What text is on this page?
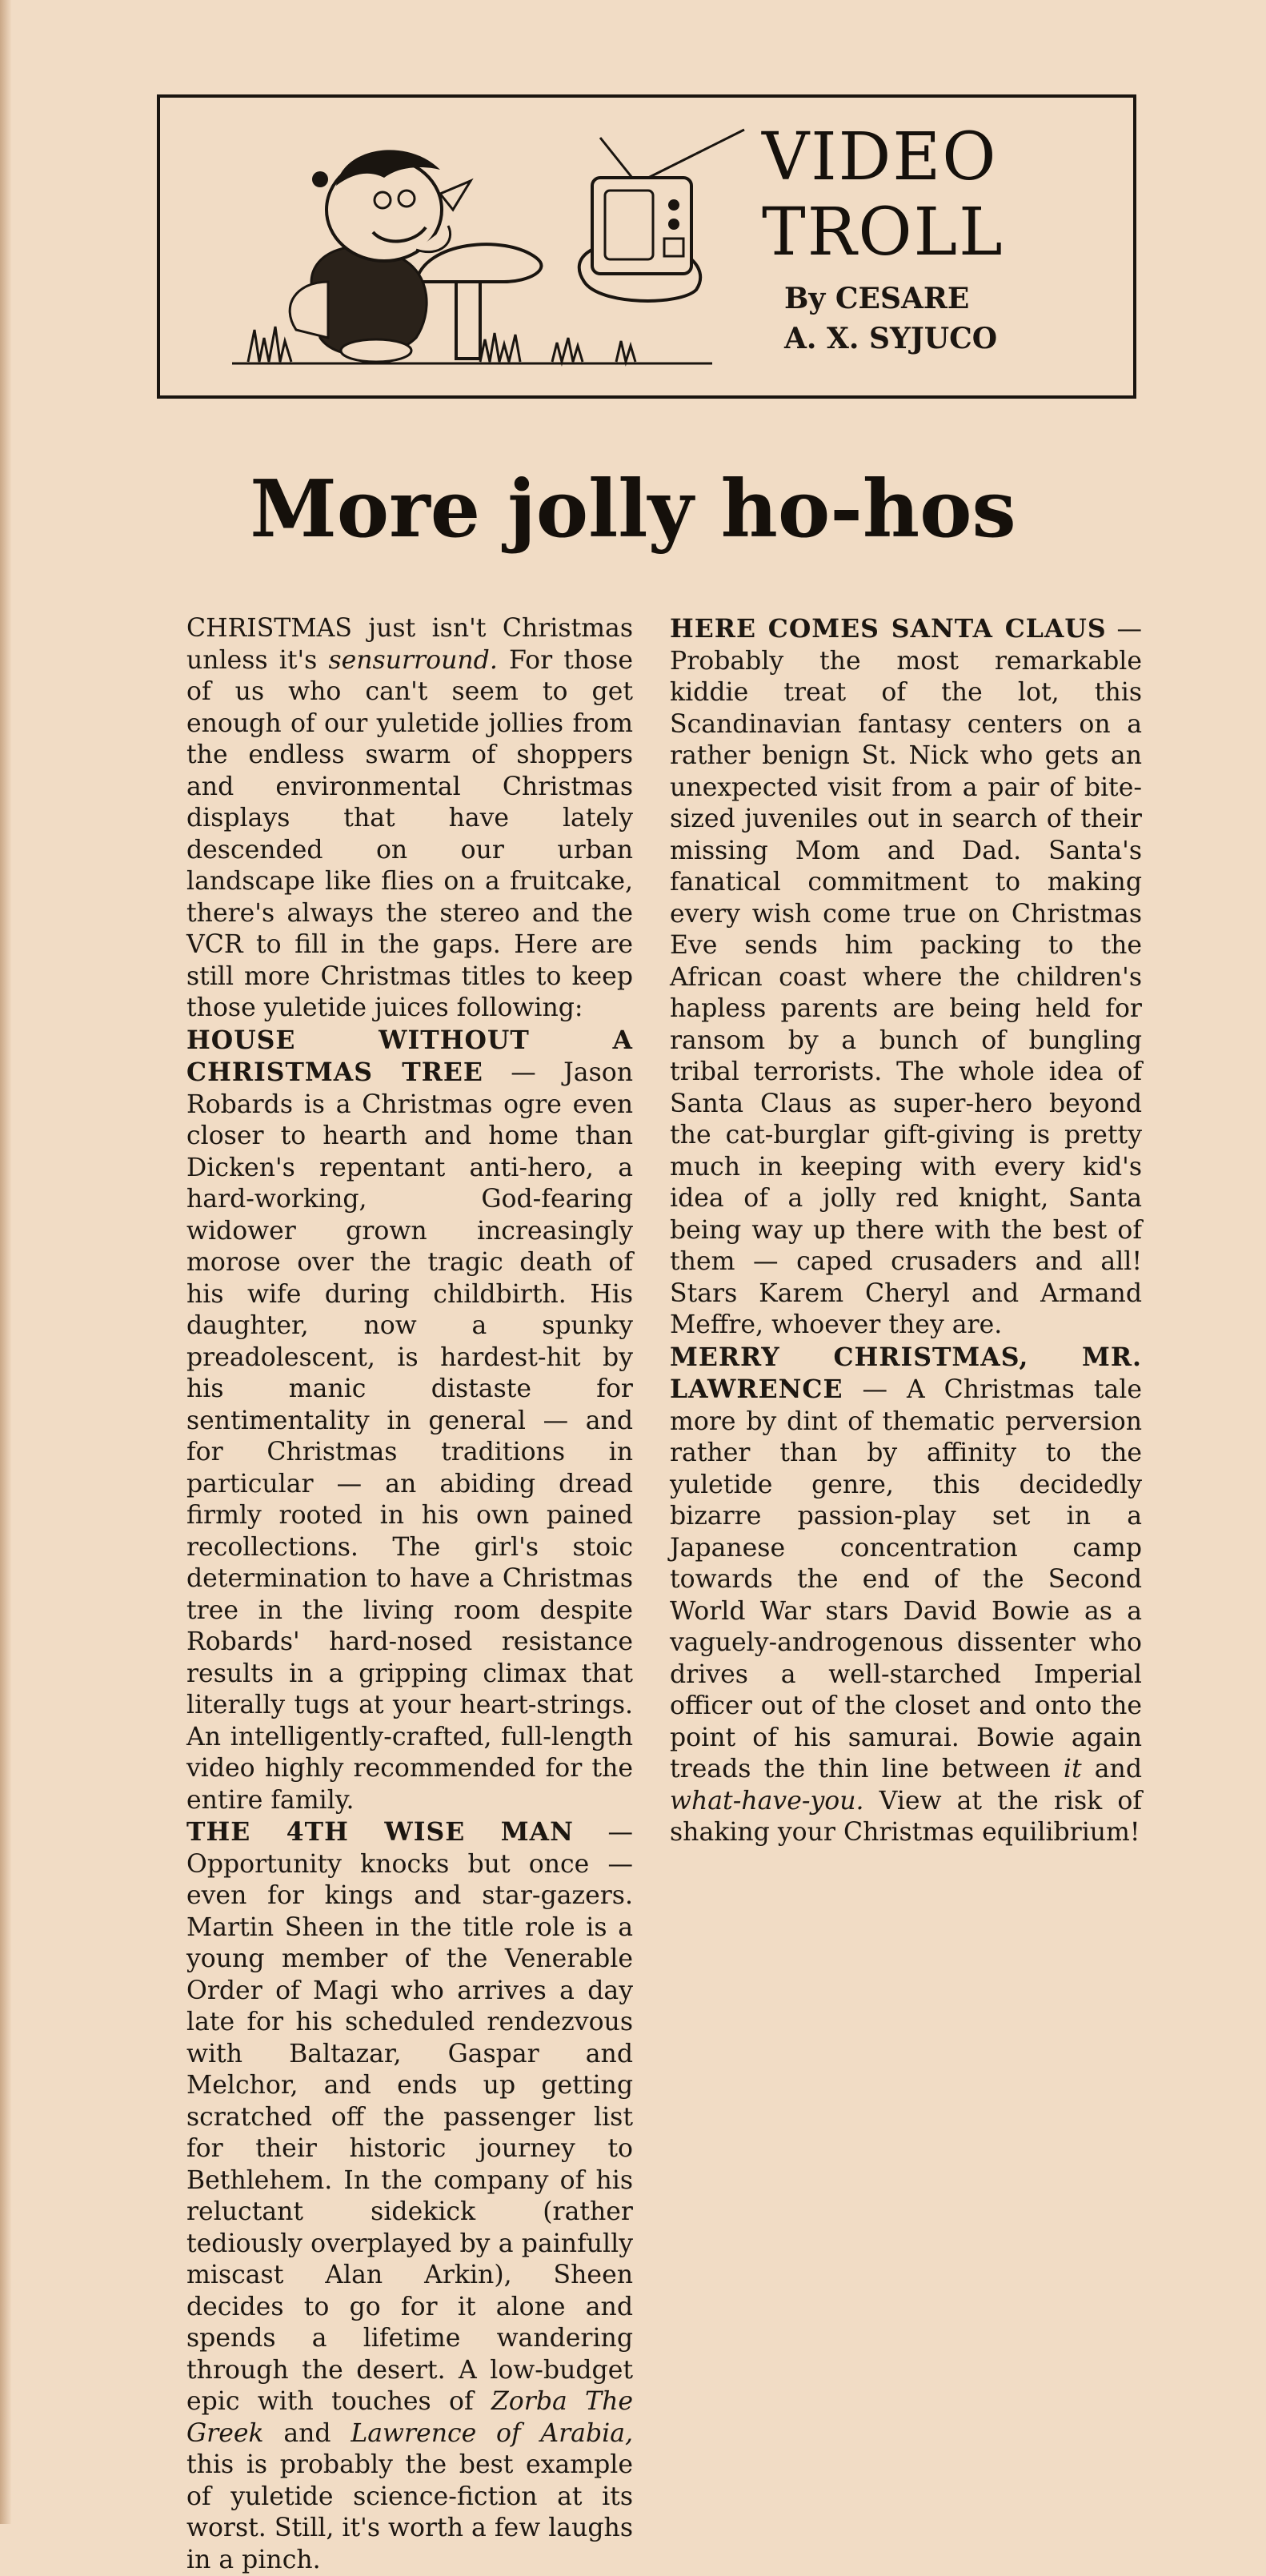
VIDEO
TROLL
By CESARE
A. X. SYJUCO
More jolly ho-hos

CHRISTMAS just isn't Christmas unless it's sensurround. For those of us who can't seem to get enough of our yuletide jollies from the endless swarm of shoppers and environmental Christmas displays that have lately descended on our urban landscape like flies on a fruitcake, there's always the stereo and the VCR to fill in the gaps. Here are still more Christmas titles to keep those yuletide juices following:

HOUSE WITHOUT A CHRISTMAS TREE — Jason Robards is a Christmas ogre even closer to hearth and home than Dicken's repentant anti-hero, a hard-working, God-fearing widower grown increasingly morose over the tragic death of his wife during childbirth. His daughter, now a spunky preadolescent, is hardest-hit by his manic distaste for sentimentality in general — and for Christmas traditions in particular — an abiding dread firmly rooted in his own pained recollections. The girl's stoic determination to have a Christmas tree in the living room despite Robards' hard-nosed resistance results in a gripping climax that literally tugs at your heart-strings. An intelligently-crafted, full-length video highly recommended for the entire family.

THE 4TH WISE MAN — Opportunity knocks but once — even for kings and star-gazers. Martin Sheen in the title role is a young member of the Venerable Order of Magi who arrives a day late for his scheduled rendezvous with Baltazar, Gaspar and Melchor, and ends up getting scratched off the passenger list for their historic journey to Bethlehem. In the company of his reluctant sidekick (rather tediously overplayed by a painfully miscast Alan Arkin), Sheen decides to go for it alone and spends a lifetime wandering through the desert. A low-budget epic with touches of Zorba The Greek and Lawrence of Arabia, this is probably the best example of yuletide science-fiction at its worst. Still, it's worth a few laughs in a pinch.

HERE COMES SANTA CLAUS — Probably the most remarkable kiddie treat of the lot, this Scandinavian fantasy centers on a rather benign St. Nick who gets an unexpected visit from a pair of bite-sized juveniles out in search of their missing Mom and Dad. Santa's fanatical commitment to making every wish come true on Christmas Eve sends him packing to the African coast where the children's hapless parents are being held for ransom by a bunch of bungling tribal terrorists. The whole idea of Santa Claus as super-hero beyond the cat-burglar gift-giving is pretty much in keeping with every kid's idea of a jolly red knight, Santa being way up there with the best of them — caped crusaders and all! Stars Karem Cheryl and Armand Meffre, whoever they are.

MERRY CHRISTMAS, MR. LAWRENCE — A Christmas tale more by dint of thematic perversion rather than by affinity to the yuletide genre, this decidedly bizarre passion-play set in a Japanese concentration camp towards the end of the Second World War stars David Bowie as a vaguely-androgenous dissenter who drives a well-starched Imperial officer out of the closet and onto the point of his samurai. Bowie again treads the thin line between it and what-have-you. View at the risk of shaking your Christmas equilibrium!
